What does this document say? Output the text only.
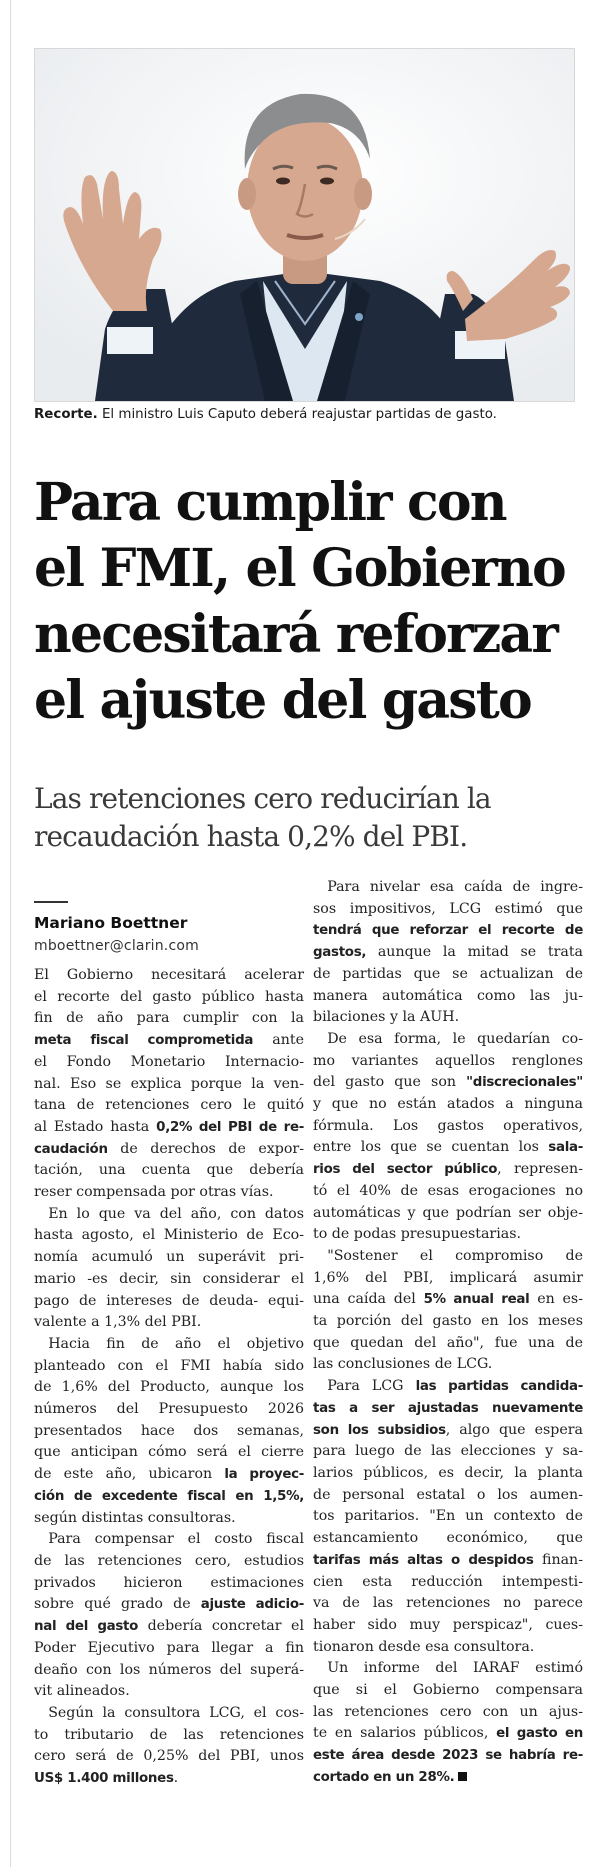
Recorte. El ministro Luis Caputo deberá reajustar partidas de gasto.
Para cumplir con
el FMI, el Gobierno
necesitará reforzar
el ajuste del gasto
Las retenciones cero reducirían la
recaudación hasta 0,2% del PBI.
Mariano Boettner
mboettner@clarin.com
El Gobierno necesitará acelerar
el recorte del gasto público hasta
fin de año para cumplir con la
meta fiscal comprometida ante
el Fondo Monetario Internacio-
nal. Eso se explica porque la ven-
tana de retenciones cero le quitó
al Estado hasta 0,2% del PBI de re-
caudación de derechos de expor-
tación, una cuenta que debería
reser compensada por otras vías.
 En lo que va del año, con datos
hasta agosto, el Ministerio de Eco-
nomía acumuló un superávit pri-
mario -es decir, sin considerar el
pago de intereses de deuda- equi-
valente a 1,3% del PBI.
 Hacia fin de año el objetivo
planteado con el FMI había sido
de 1,6% del Producto, aunque los
números del Presupuesto 2026
presentados hace dos semanas,
que anticipan cómo será el cierre
de este año, ubicaron la proyec-
ción de excedente fiscal en 1,5%,
según distintas consultoras.
 Para compensar el costo fiscal
de las retenciones cero, estudios
privados hicieron estimaciones
sobre qué grado de ajuste adicio-
nal del gasto debería concretar el
Poder Ejecutivo para llegar a fin
deaño con los números del superá-
vit alineados.
 Según la consultora LCG, el cos-
to tributario de las retenciones
cero será de 0,25% del PBI, unos
US$ 1.400 millones.
 Para nivelar esa caída de ingre-
sos impositivos, LCG estimó que
tendrá que reforzar el recorte de
gastos, aunque la mitad se trata
de partidas que se actualizan de
manera automática como las ju-
bilaciones y la AUH.
 De esa forma, le quedarían co-
mo variantes aquellos renglones
del gasto que son "discrecionales"
y que no están atados a ninguna
fórmula. Los gastos operativos,
entre los que se cuentan los sala-
rios del sector público, represen-
tó el 40% de esas erogaciones no
automáticas y que podrían ser obje-
to de podas presupuestarias.
 "Sostener el compromiso de
1,6% del PBI, implicará asumir
una caída del 5% anual real en es-
ta porción del gasto en los meses
que quedan del año", fue una de
las conclusiones de LCG.
 Para LCG las partidas candida-
tas a ser ajustadas nuevamente
son los subsidios, algo que espera
para luego de las elecciones y sa-
larios públicos, es decir, la planta
de personal estatal o los aumen-
tos paritarios. "En un contexto de
estancamiento económico, que
tarifas más altas o despidos finan-
cien esta reducción intempesti-
va de las retenciones no parece
haber sido muy perspicaz", cues-
tionaron desde esa consultora.
 Un informe del IARAF estimó
que si el Gobierno compensara
las retenciones cero con un ajus-
te en salarios públicos, el gasto en
este área desde 2023 se habría re-
cortado en un 28%.
